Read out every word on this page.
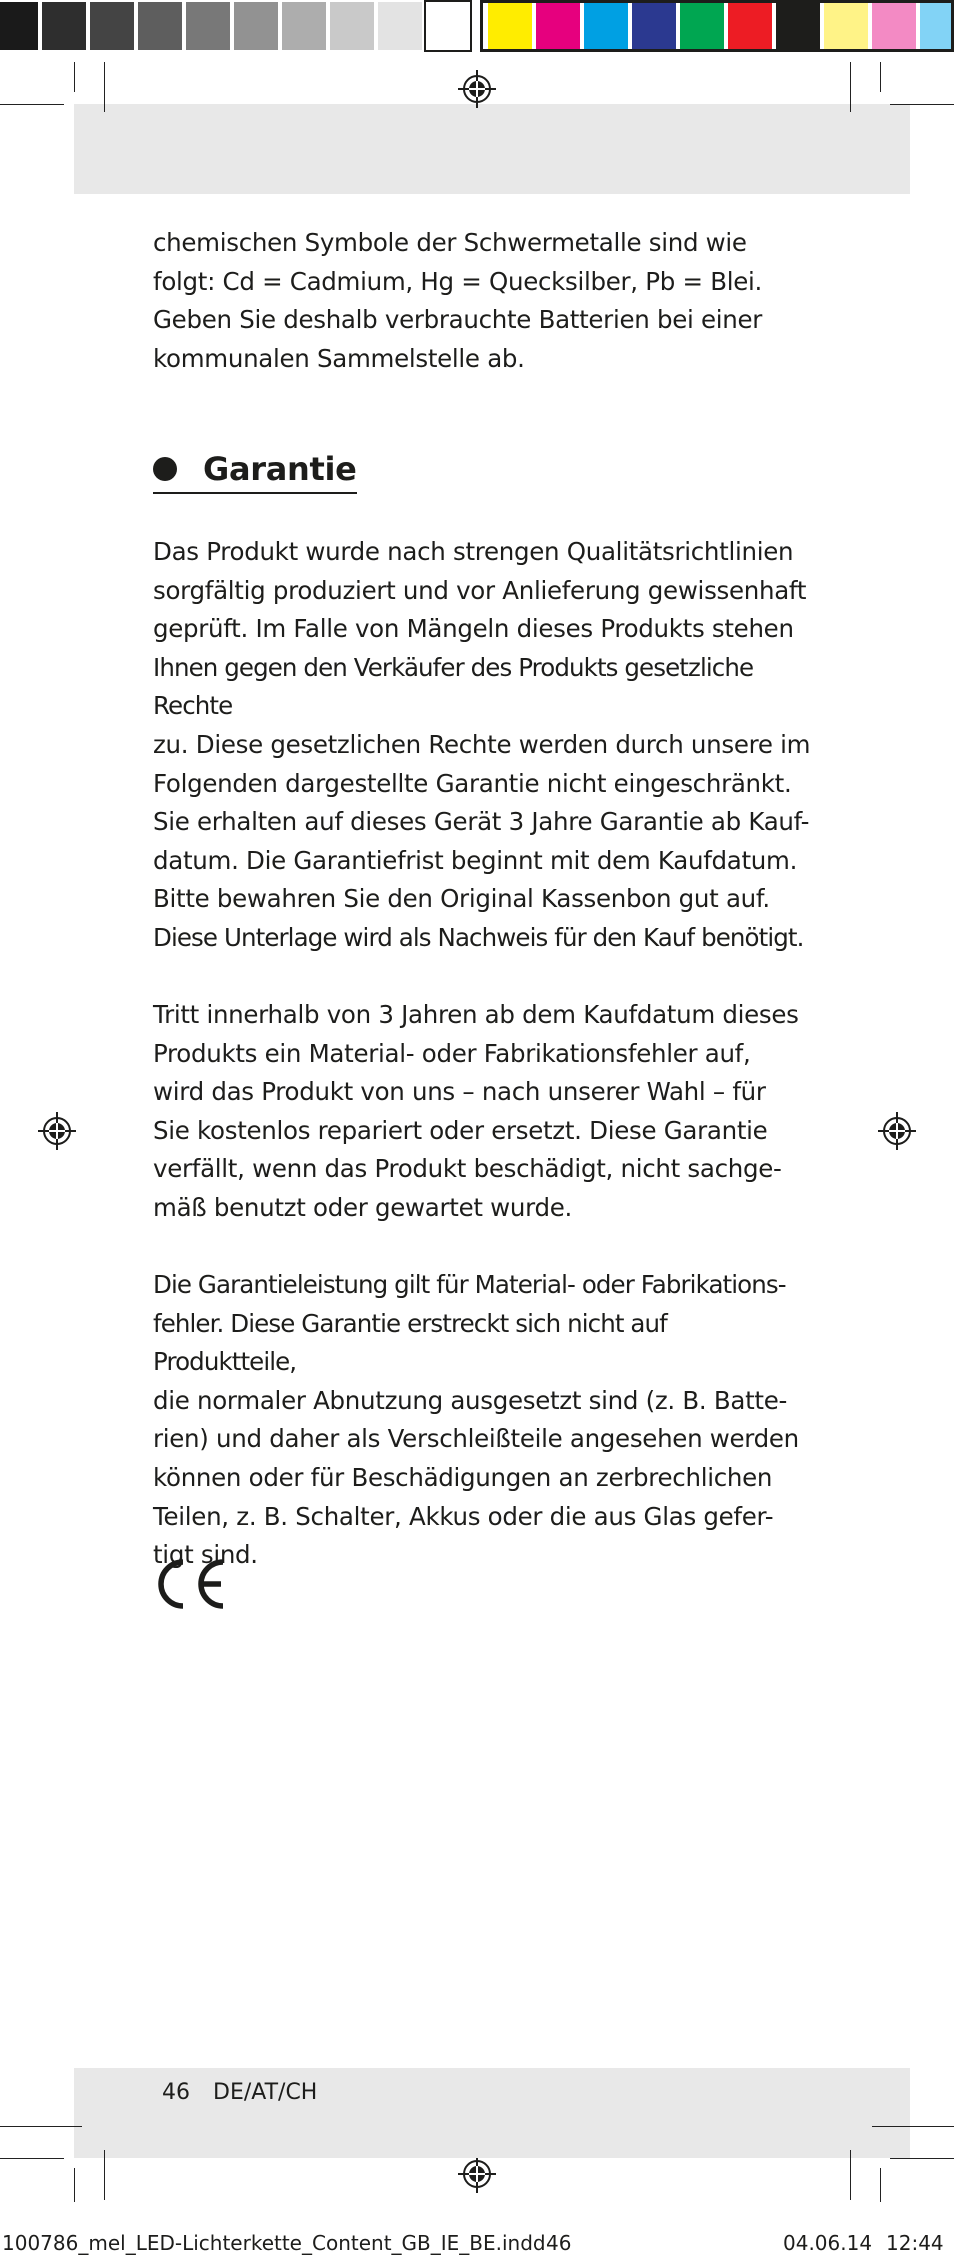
chemischen Symbole der Schwermetalle sind wie

folgt: Cd = Cadmium, Hg = Quecksilber, Pb = Blei.

Geben Sie deshalb verbrauchte Batterien bei einer

kommunalen Sammelstelle ab.

Garantie

Das Produkt wurde nach strengen Qualitätsrichtlinien

sorgfältig produziert und vor Anlieferung gewissenhaft

geprüft. Im Falle von Mängeln dieses Produkts stehen

Ihnen gegen den Verkäufer des Produkts gesetzliche Rechte

zu. Diese gesetzlichen Rechte werden durch unsere im

Folgenden dargestellte Garantie nicht eingeschränkt.

Sie erhalten auf dieses Gerät 3 Jahre Garantie ab Kauf-

datum. Die Garantiefrist beginnt mit dem Kaufdatum.

Bitte bewahren Sie den Original Kassenbon gut auf.

Diese Unterlage wird als Nachweis für den Kauf benötigt.

Tritt innerhalb von 3 Jahren ab dem Kaufdatum dieses

Produkts ein Material- oder Fabrikationsfehler auf,

wird das Produkt von uns – nach unserer Wahl – für

Sie kostenlos repariert oder ersetzt. Diese Garantie

verfällt, wenn das Produkt beschädigt, nicht sachge-

mäß benutzt oder gewartet wurde.

Die Garantieleistung gilt für Material- oder Fabrikations-

fehler. Diese Garantie erstreckt sich nicht auf Produktteile,

die normaler Abnutzung ausgesetzt sind (z. B. Batte-

rien) und daher als Verschleißteile angesehen werden

können oder für Beschädigungen an zerbrechlichen

Teilen, z. B. Schalter, Akkus oder die aus Glas gefer-

tigt sind.

46 DE/AT/CH
100786_mel_LED-Lichterkette_Content_GB_IE_BE.indd 46	04.06.14 12:44
